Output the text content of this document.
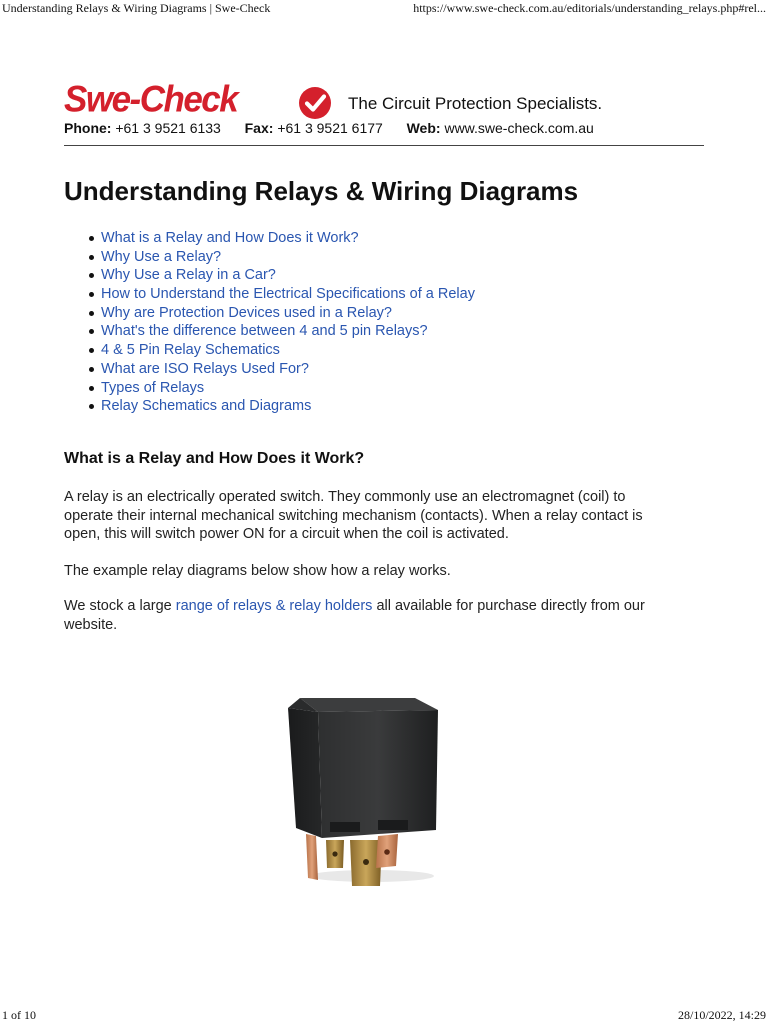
Understanding Relays & Wiring Diagrams | Swe-Check	https://www.swe-check.com.au/editorials/understanding_relays.php#rel...
Swe-Check	The Circuit Protection Specialists.
Phone: +61 3 9521 6133 Fax: +61 3 9521 6177 Web: www.swe-check.com.au
Understanding Relays & Wiring Diagrams
What is a Relay and How Does it Work?
Why Use a Relay?
Why Use a Relay in a Car?
How to Understand the Electrical Specifications of a Relay
Why are Protection Devices used in a Relay?
What's the difference between 4 and 5 pin Relays?
4 & 5 Pin Relay Schematics
What are ISO Relays Used For?
Types of Relays
Relay Schematics and Diagrams
What is a Relay and How Does it Work?

A relay is an electrically operated switch. They commonly use an electromagnet (coil) to operate their internal mechanical switching mechanism (contacts). When a relay contact is open, this will switch power ON for a circuit when the coil is activated.

The example relay diagrams below show how a relay works.

We stock a large range of relays & relay holders all available for purchase directly from our website.

1 of 10	28/10/2022, 14:29
